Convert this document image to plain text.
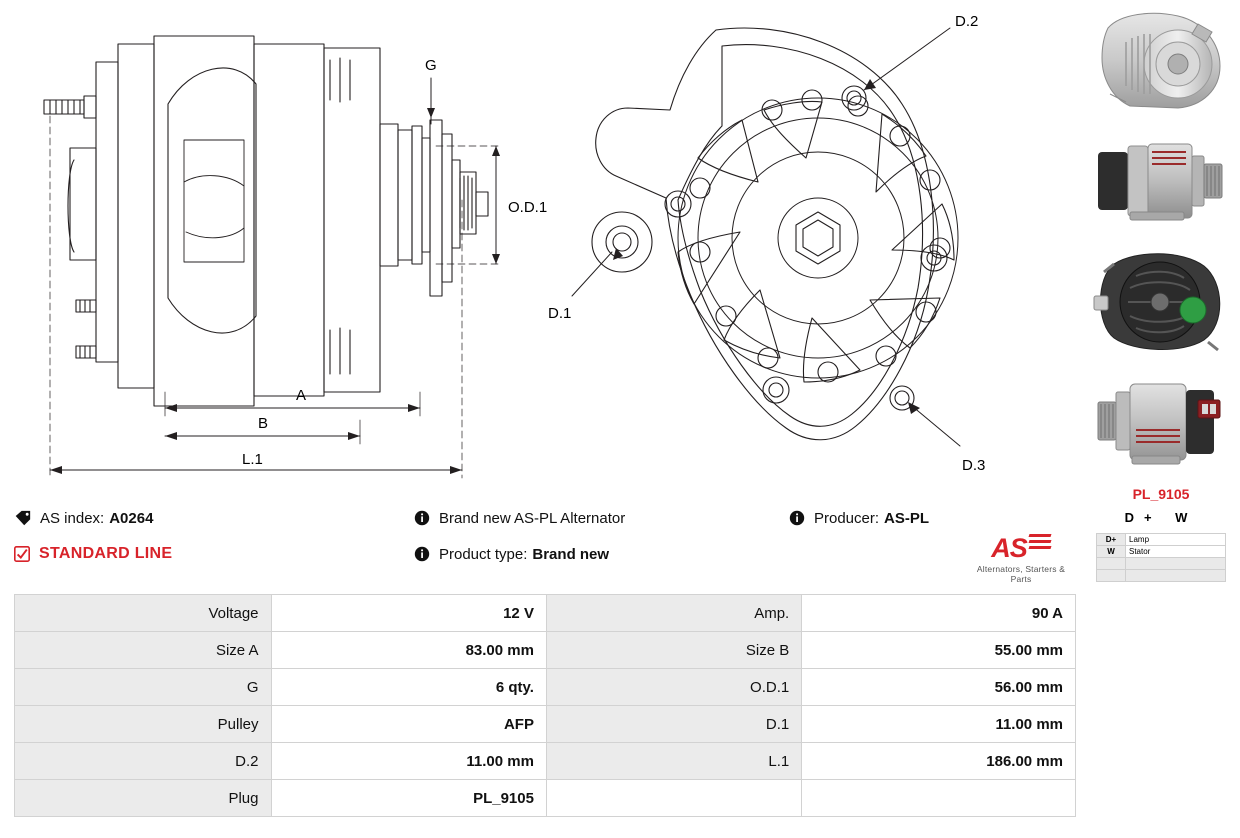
G
O.D.1
A
B
L.1
D.1
D.2
D.3
AS index: A0264	Brand new AS-PL Alternator	Producer: AS-PL
STANDARD LINE	Product type: Brand new	AS
Alternators, Starters & Parts
Voltage	12 V	Amp.	90 A
Size A	83.00 mm	Size B	55.00 mm
G	6 qty.	O.D.1	56.00 mm
Pulley	AFP	D.1	11.00 mm
D.2	11.00 mm	L.1	186.00 mm
Plug	PL_9105		
PL_9105
D+ W
D+	Lamp
W	Stator
